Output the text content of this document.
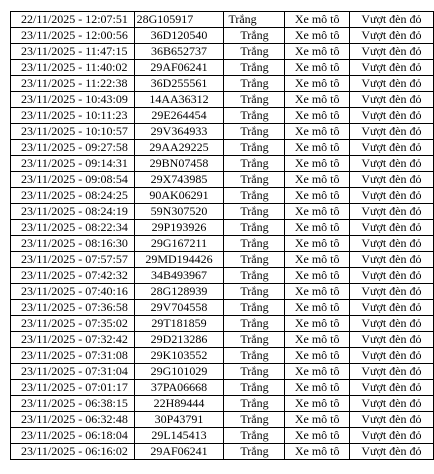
22/11/2025 - 12:07:51	28G105917	Trắng	Xe mô tô	Vượt đèn đỏ
23/11/2025 - 12:00:56	36D120540	Trắng	Xe mô tô	Vượt đèn đỏ
23/11/2025 - 11:47:15	36B652737	Trắng	Xe mô tô	Vượt đèn đỏ
23/11/2025 - 11:40:02	29AF06241	Trắng	Xe mô tô	Vượt đèn đỏ
23/11/2025 - 11:22:38	36D255561	Trắng	Xe mô tô	Vượt đèn đỏ
23/11/2025 - 10:43:09	14AA36312	Trắng	Xe mô tô	Vượt đèn đỏ
23/11/2025 - 10:11:23	29E264454	Trắng	Xe mô tô	Vượt đèn đỏ
23/11/2025 - 10:10:57	29V364933	Trắng	Xe mô tô	Vượt đèn đỏ
23/11/2025 - 09:27:58	29AA29225	Trắng	Xe mô tô	Vượt đèn đỏ
23/11/2025 - 09:14:31	29BN07458	Trắng	Xe mô tô	Vượt đèn đỏ
23/11/2025 - 09:08:54	29X743985	Trắng	Xe mô tô	Vượt đèn đỏ
23/11/2025 - 08:24:25	90AK06291	Trắng	Xe mô tô	Vượt đèn đỏ
23/11/2025 - 08:24:19	59N307520	Trắng	Xe mô tô	Vượt đèn đỏ
23/11/2025 - 08:22:34	29P193926	Trắng	Xe mô tô	Vượt đèn đỏ
23/11/2025 - 08:16:30	29G167211	Trắng	Xe mô tô	Vượt đèn đỏ
23/11/2025 - 07:57:57	29MD194426	Trắng	Xe mô tô	Vượt đèn đỏ
23/11/2025 - 07:42:32	34B493967	Trắng	Xe mô tô	Vượt đèn đỏ
23/11/2025 - 07:40:16	28G128939	Trắng	Xe mô tô	Vượt đèn đỏ
23/11/2025 - 07:36:58	29V704558	Trắng	Xe mô tô	Vượt đèn đỏ
23/11/2025 - 07:35:02	29T181859	Trắng	Xe mô tô	Vượt đèn đỏ
23/11/2025 - 07:32:42	29D213286	Trắng	Xe mô tô	Vượt đèn đỏ
23/11/2025 - 07:31:08	29K103552	Trắng	Xe mô tô	Vượt đèn đỏ
23/11/2025 - 07:31:04	29G101029	Trắng	Xe mô tô	Vượt đèn đỏ
23/11/2025 - 07:01:17	37PA06668	Trắng	Xe mô tô	Vượt đèn đỏ
23/11/2025 - 06:38:15	22H89444	Trắng	Xe mô tô	Vượt đèn đỏ
23/11/2025 - 06:32:48	30P43791	Trắng	Xe mô tô	Vượt đèn đỏ
23/11/2025 - 06:18:04	29L145413	Trắng	Xe mô tô	Vượt đèn đỏ
23/11/2025 - 06:16:02	29AF06241	Trắng	Xe mô tô	Vượt đèn đỏ
